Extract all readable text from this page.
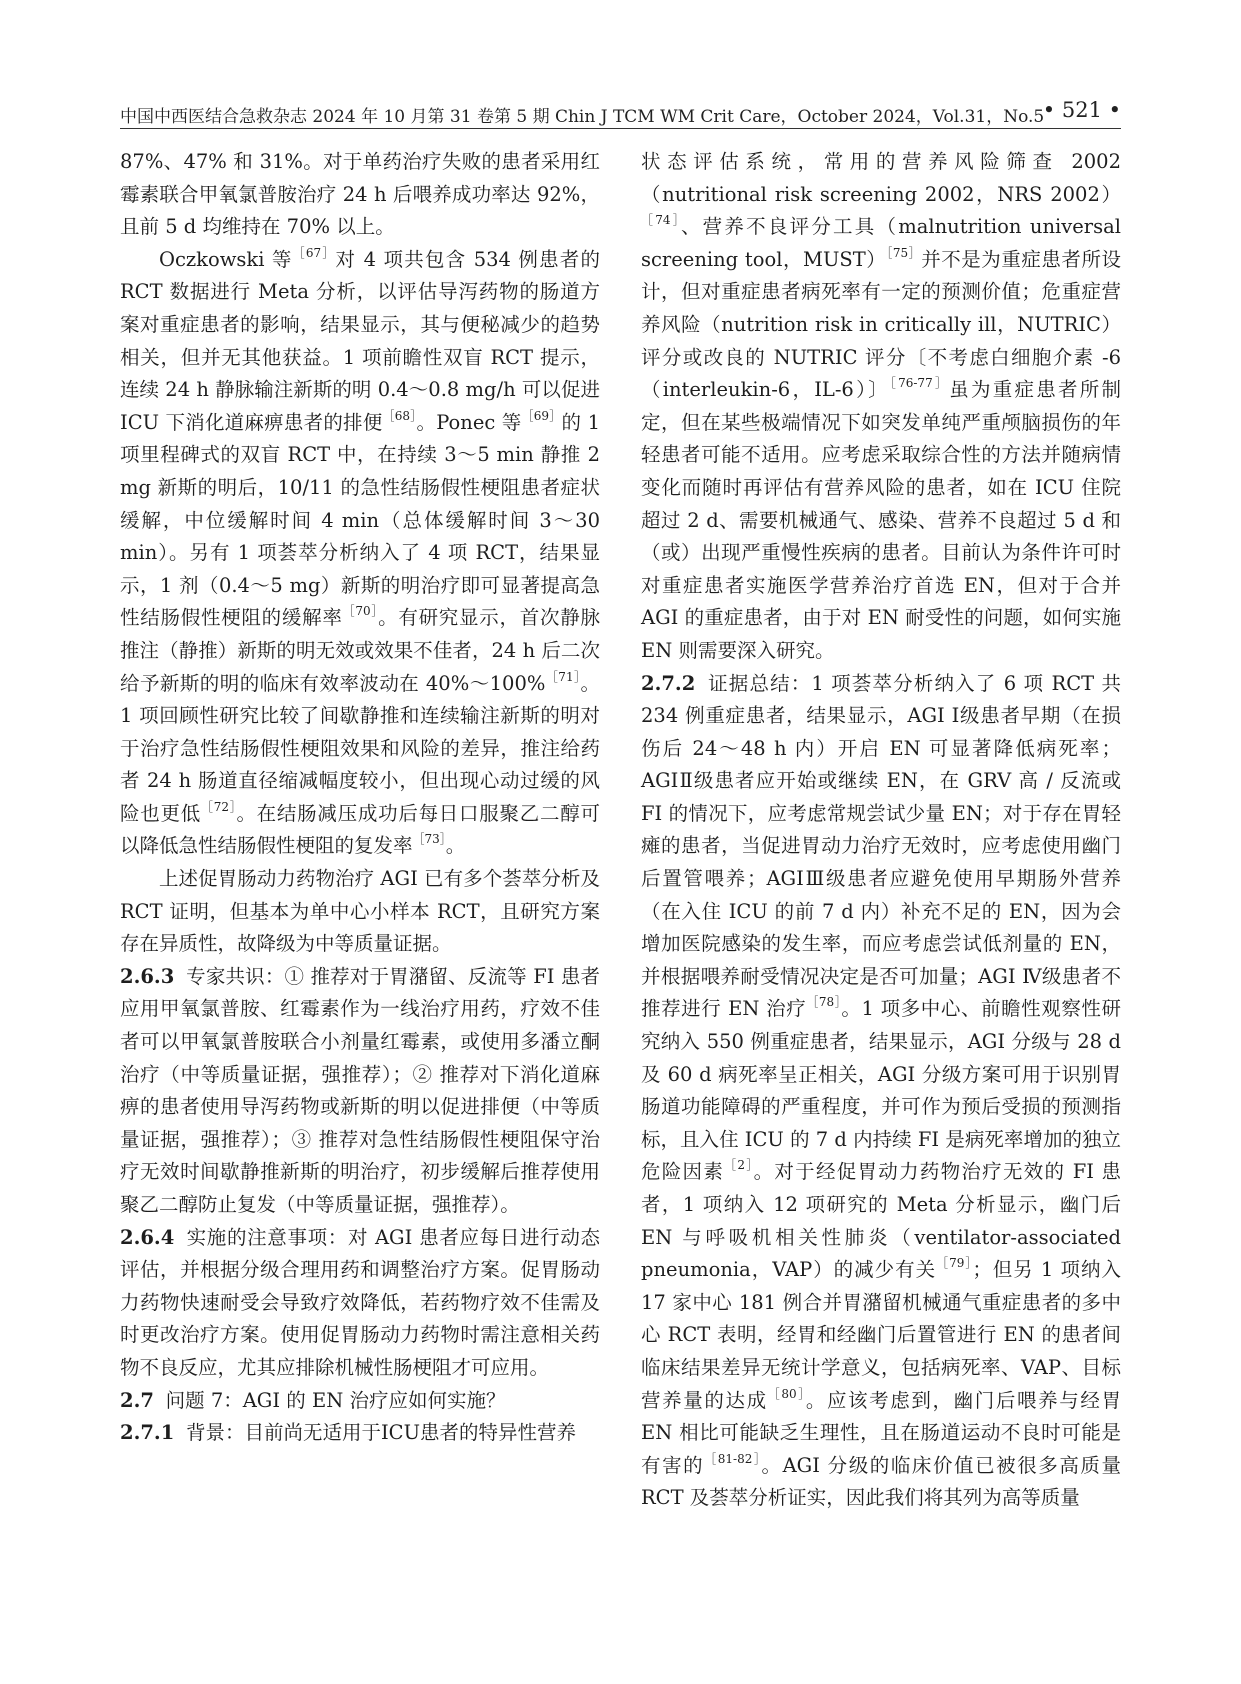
中国中西医结合急救杂志 2024 年 10 月第 31 卷第 5 期 Chin J TCM WM Crit Care，October 2024，Vol.31，No.5
• 521 •

87%、47% 和 31%。对于单药治疗失败的患者采用红霉素联合甲氧氯普胺治疗 24 h 后喂养成功率达 92%，且前 5 d 均维持在 70% 以上。

Oczkowski 等$^{[67]}$对 4 项共包含 534 例患者的 RCT 数据进行 Meta 分析，以评估导泻药物的肠道方案对重症患者的影响，结果显示，其与便秘减少的趋势相关，但并无其他获益。1 项前瞻性双盲 RCT 提示，连续 24 h 静脉输注新斯的明 0.4～0.8 mg/h 可以促进 ICU 下消化道麻痹患者的排便$^{[68]}$。Ponec 等$^{[69]}$的 1 项里程碑式的双盲 RCT 中，在持续 3～5 min 静推 2 mg 新斯的明后，10/11 的急性结肠假性梗阻患者症状缓解，中位缓解时间 4 min（总体缓解时间 3～30 min）。另有 1 项荟萃分析纳入了 4 项 RCT，结果显示，1 剂（0.4～5 mg）新斯的明治疗即可显著提高急性结肠假性梗阻的缓解率$^{[70]}$。有研究显示，首次静脉推注（静推）新斯的明无效或效果不佳者，24 h 后二次给予新斯的明的临床有效率波动在 40%～100%$^{[71]}$。1 项回顾性研究比较了间歇静推和连续输注新斯的明对于治疗急性结肠假性梗阻效果和风险的差异，推注给药者 24 h 肠道直径缩减幅度较小，但出现心动过缓的风险也更低$^{[72]}$。在结肠减压成功后每日口服聚乙二醇可以降低急性结肠假性梗阻的复发率$^{[73]}$。

上述促胃肠动力药物治疗 AGI 已有多个荟萃分析及 RCT 证明，但基本为单中心小样本 RCT，且研究方案存在异质性，故降级为中等质量证据。

2.6.3 专家共识：① 推荐对于胃潴留、反流等 FI 患者应用甲氧氯普胺、红霉素作为一线治疗用药，疗效不佳者可以甲氧氯普胺联合小剂量红霉素，或使用多潘立酮治疗（中等质量证据，强推荐）；② 推荐对下消化道麻痹的患者使用导泻药物或新斯的明以促进排便（中等质量证据，强推荐）；③ 推荐对急性结肠假性梗阻保守治疗无效时间歇静推新斯的明治疗，初步缓解后推荐使用聚乙二醇防止复发（中等质量证据，强推荐）。

2.6.4 实施的注意事项：对 AGI 患者应每日进行动态评估，并根据分级合理用药和调整治疗方案。促胃肠动力药物快速耐受会导致疗效降低，若药物疗效不佳需及时更改治疗方案。使用促胃肠动力药物时需注意相关药物不良反应，尤其应排除机械性肠梗阻才可应用。

2.7 问题 7：AGI 的 EN 治疗应如何实施？

2.7.1 背景：目前尚无适用于ICU患者的特异性营养

状态评估系统，常用的营养风险筛查 2002（nutritional risk screening 2002，NRS 2002）$^{[74]}$、营养不良评分工具（malnutrition universal screening tool，MUST）$^{[75]}$并不是为重症患者所设计，但对重症患者病死率有一定的预测价值；危重症营养风险（nutrition risk in critically ill，NUTRIC）评分或改良的 NUTRIC 评分〔不考虑白细胞介素 -6（interleukin-6，IL-6）〕$^{[76-77]}$虽为重症患者所制定，但在某些极端情况下如突发单纯严重颅脑损伤的年轻患者可能不适用。应考虑采取综合性的方法并随病情变化而随时再评估有营养风险的患者，如在 ICU 住院超过 2 d、需要机械通气、感染、营养不良超过 5 d 和（或）出现严重慢性疾病的患者。目前认为条件许可时对重症患者实施医学营养治疗首选 EN，但对于合并 AGI 的重症患者，由于对 EN 耐受性的问题，如何实施 EN 则需要深入研究。

2.7.2 证据总结：1 项荟萃分析纳入了 6 项 RCT 共 234 例重症患者，结果显示，AGI Ⅰ级患者早期（在损伤后 24～48 h 内）开启 EN 可显著降低病死率；AGIⅡ级患者应开始或继续 EN，在 GRV 高 / 反流或 FI 的情况下，应考虑常规尝试少量 EN；对于存在胃轻瘫的患者，当促进胃动力治疗无效时，应考虑使用幽门后置管喂养；AGIⅢ级患者应避免使用早期肠外营养（在入住 ICU 的前 7 d 内）补充不足的 EN，因为会增加医院感染的发生率，而应考虑尝试低剂量的 EN，并根据喂养耐受情况决定是否可加量；AGI Ⅳ级患者不推荐进行 EN 治疗$^{[78]}$。1 项多中心、前瞻性观察性研究纳入 550 例重症患者，结果显示，AGI 分级与 28 d 及 60 d 病死率呈正相关，AGI 分级方案可用于识别胃肠道功能障碍的严重程度，并可作为预后受损的预测指标，且入住 ICU 的 7 d 内持续 FI 是病死率增加的独立危险因素$^{[2]}$。对于经促胃动力药物治疗无效的 FI 患者，1 项纳入 12 项研究的 Meta 分析显示，幽门后 EN 与呼吸机相关性肺炎（ventilator-associated pneumonia，VAP）的减少有关$^{[79]}$；但另 1 项纳入 17 家中心 181 例合并胃潴留机械通气重症患者的多中心 RCT 表明，经胃和经幽门后置管进行 EN 的患者间临床结果差异无统计学意义，包括病死率、VAP、目标营养量的达成$^{[80]}$。应该考虑到，幽门后喂养与经胃 EN 相比可能缺乏生理性，且在肠道运动不良时可能是有害的$^{[81-82]}$。AGI 分级的临床价值已被很多高质量 RCT 及荟萃分析证实，因此我们将其列为高等质量
